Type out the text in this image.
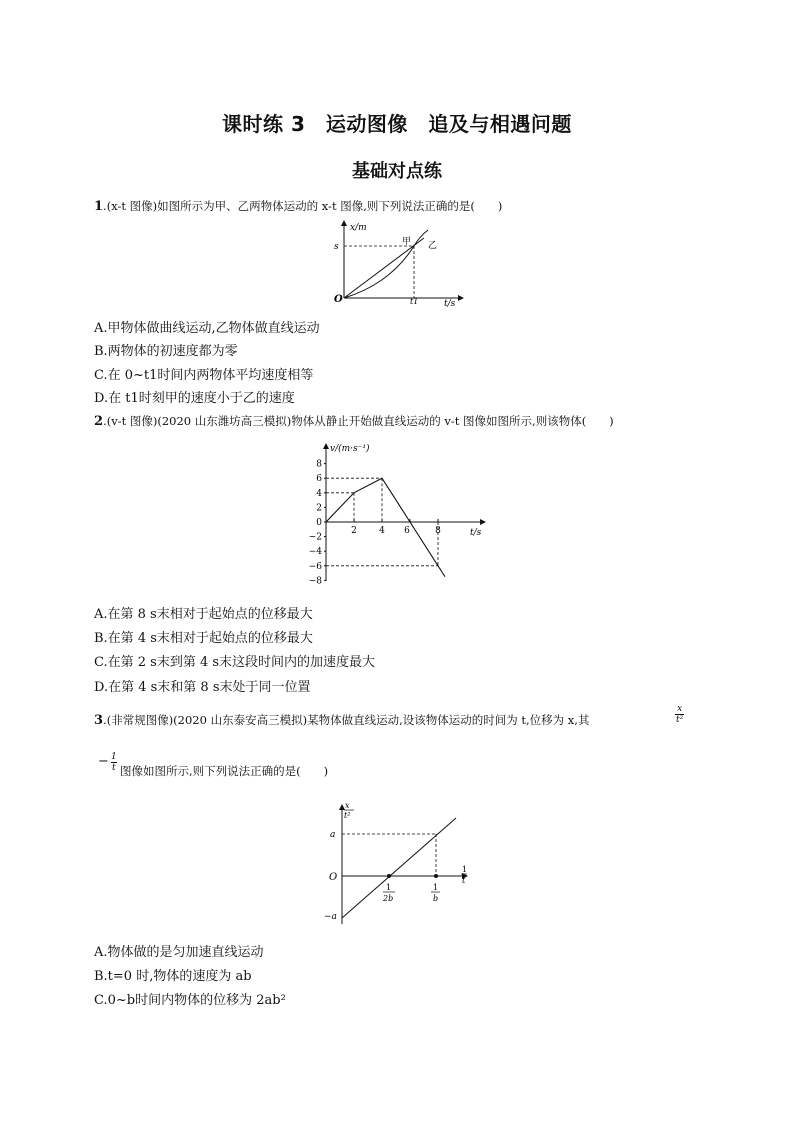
课时练 3　运动图像　追及与相遇问题
基础对点练
1.(x-t 图像)如图所示为甲、乙两物体运动的 x-t 图像,则下列说法正确的是(　　)
x/m
t/s
O
s
t1
甲 乙
A.甲物体做曲线运动,乙物体做直线运动
B.两物体的初速度都为零
C.在 0~t1时间内两物体平均速度相等
D.在 t1时刻甲的速度小于乙的速度
2.(v-t 图像)(2020 山东潍坊高三模拟)物体从静止开始做直线运动的 v-t 图像如图所示,则该物体(　　)
v/(m·s⁻¹)
t/s
8
6
4
2
0
−2
−4
−6
−8
2 4 6	8
A.在第 8 s末相对于起始点的位移最大
B.在第 4 s末相对于起始点的位移最大
C.在第 2 s末到第 4 s末这段时间内的加速度最大
D.在第 4 s末和第 8 s末处于同一位置
3.(非常规图像)(2020 山东泰安高三模拟)某物体做直线运动,设该物体运动的时间为 t,位移为 x,其	$\frac{x}{\text{t²}}$
− $\frac{1}{t}$ 图像如图所示,则下列说法正确的是(　　)
x
t²
1
t
O
a
−a
1
2b
1
b
A.物体做的是匀加速直线运动
B.t=0 时,物体的速度为 ab
C.0~b时间内物体的位移为 2ab²
